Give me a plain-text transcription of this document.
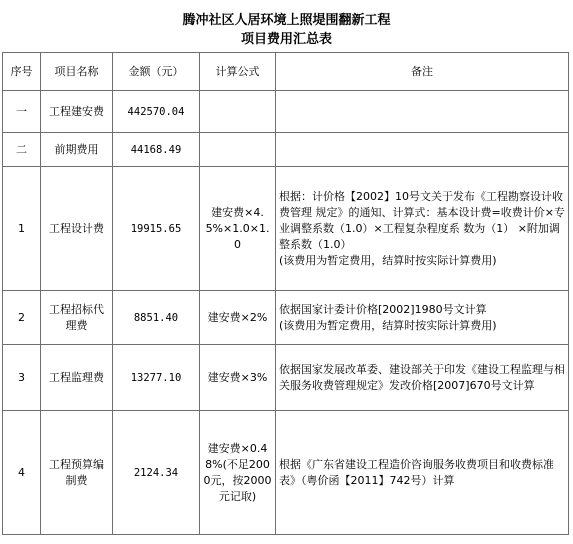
腾冲社区人居环境上照堤围翻新工程
项目费用汇总表
序号	项目名称	金额（元）	计算公式	备注
一	工程建安费	442570.04		
二	前期费用	44168.49		
1	工程设计费	19915.65	建安费×4.5%×1.0×1.0	根据：计价格【2002】10号文关于发布《工程勘察设计收费管理 规定》的通知、计算式：基本设计费=收费计价×专业调整系数（1.0）×工程复杂程度系 数为（1） ×附加调整系数（1.0）
(该费用为暂定费用，结算时按实际计算费用)
2	工程招标代理费	8851.40	建安费×2%	依据国家计委计价格[2002]1980号文计算
(该费用为暂定费用，结算时按实际计算费用)
3	工程监理费	13277.10	建安费×3%	依据国家发展改革委、建设部关于印发《建设工程监理与相关服务收费管理规定》发改价格[2007]670号文计算
4	工程预算编制费	2124.34	建安费×0.48%(不足2000元，按2000元记取)	根据《广东省建设工程造价咨询服务收费项目和收费标准表》（粤价函【2011】742号）计算
